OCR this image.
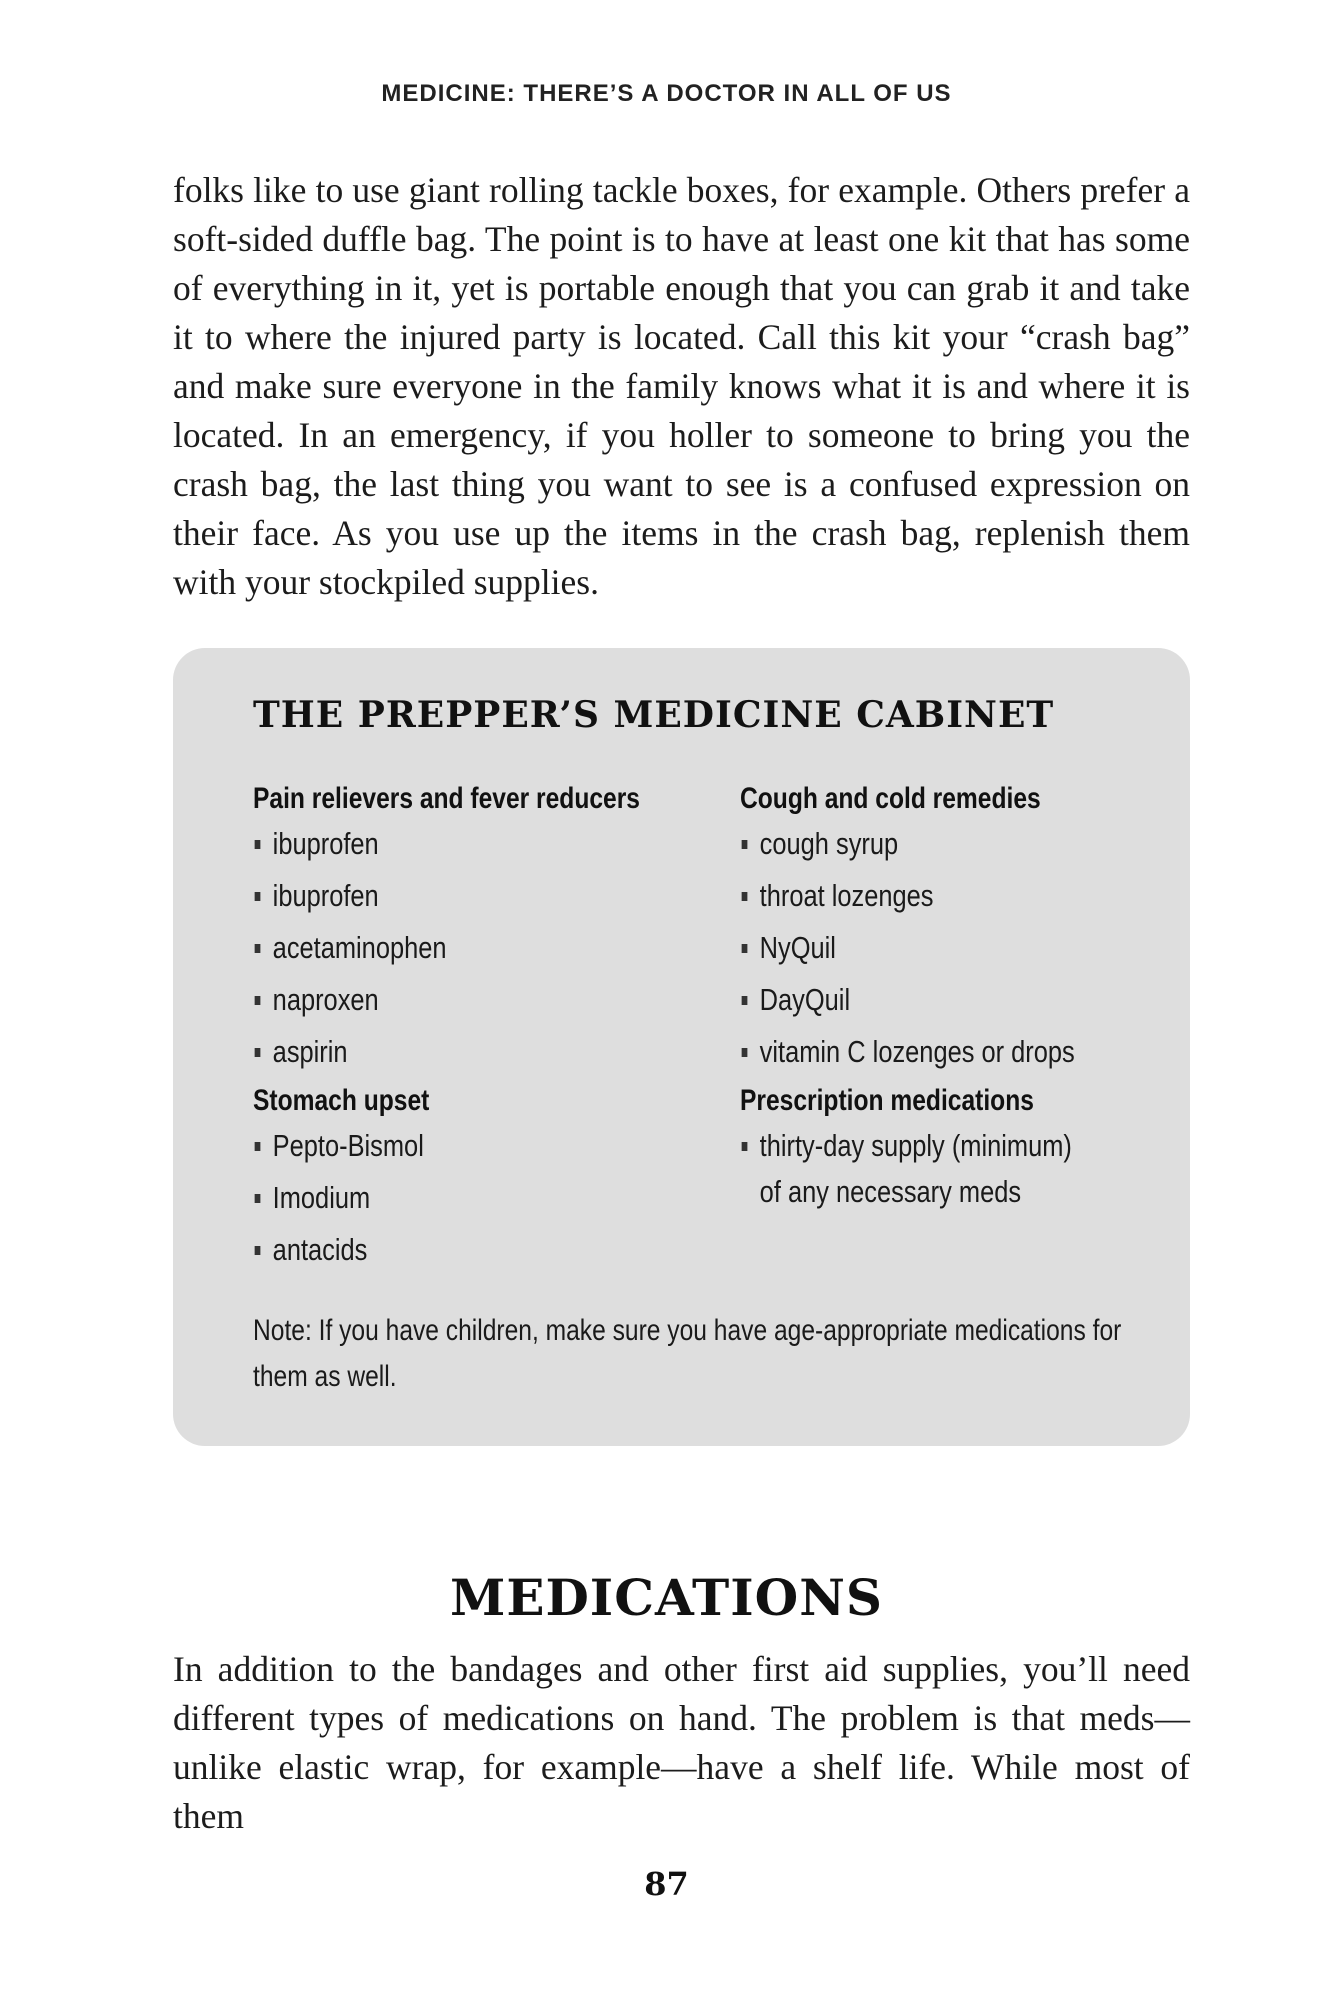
MEDICINE: THERE’S A DOCTOR IN ALL OF US

folks like to use giant rolling tackle boxes, for example. Others prefer a soft-sided duffle bag. The point is to have at least one kit that has some of everything in it, yet is portable enough that you can grab it and take it to where the injured party is located. Call this kit your “crash bag” and make sure everyone in the family knows what it is and where it is located. In an emergency, if you holler to someone to bring you the crash bag, the last thing you want to see is a confused expression on their face. As you use up the items in the crash bag, replenish them with your stockpiled supplies.

THE PREPPER’S MEDICINE CABINET
Pain relievers and fever reducers
ibuprofen
ibuprofen
acetaminophen
naproxen
aspirin
Stomach upset
Pepto-Bismol
Imodium
antacids
Cough and cold remedies
cough syrup
throat lozenges
NyQuil
DayQuil
vitamin C lozenges or drops
Prescription medications
thirty-day supply (minimum)
of any necessary meds
Note: If you have children, make sure you have age-appropriate medications for them as well.
MEDICATIONS

In addition to the bandages and other first aid supplies, you’ll need different types of medications on hand. The problem is that meds—unlike elastic wrap, for example—have a shelf life. While most of them

87
